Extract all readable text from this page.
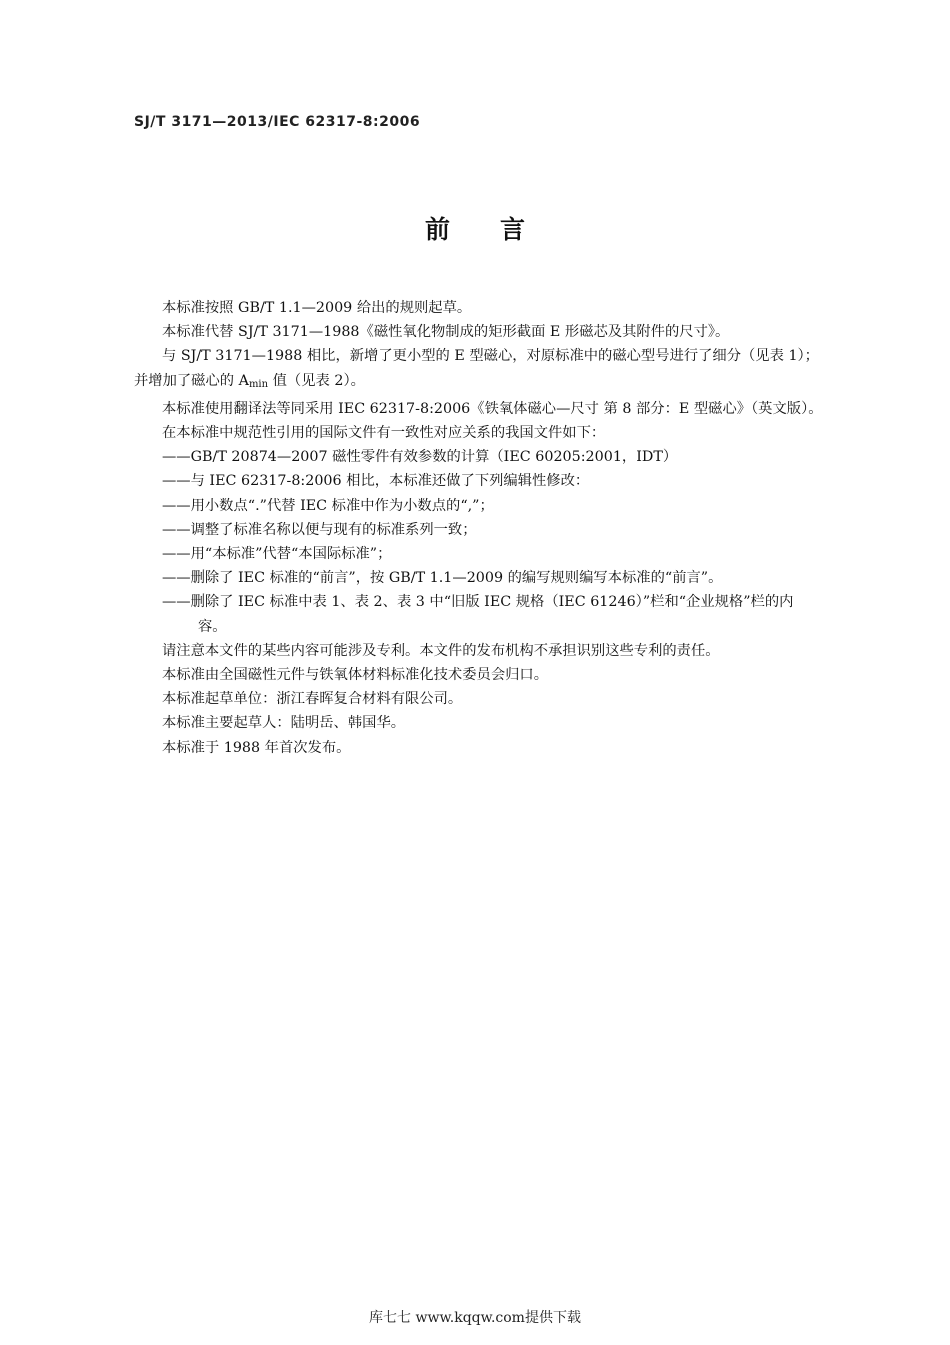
SJ/T 3171—2013/IEC 62317-8:2006
前言
本标准按照 GB/T 1.1—2009 给出的规则起草。
本标准代替 SJ/T 3171—1988《磁性氧化物制成的矩形截面 E 形磁芯及其附件的尺寸》。
与 SJ/T 3171—1988 相比，新增了更小型的 E 型磁心，对原标准中的磁心型号进行了细分（见表 1）；
并增加了磁心的 $A_{min}$ 值（见表 2）。
本标准使用翻译法等同采用 IEC 62317-8:2006《铁氧体磁心—尺寸 第 8 部分：E 型磁心》（英文版）。
在本标准中规范性引用的国际文件有一致性对应关系的我国文件如下：
——GB/T 20874—2007 磁性零件有效参数的计算（IEC 60205:2001，IDT）
——与 IEC 62317-8:2006 相比，本标准还做了下列编辑性修改：
——用小数点“.”代替 IEC 标准中作为小数点的“,”；
——调整了标准名称以便与现有的标准系列一致；
——用“本标准”代替“本国际标准”；
——删除了 IEC 标准的“前言”，按 GB/T 1.1—2009 的编写规则编写本标准的“前言”。
——删除了 IEC 标准中表 1、表 2、表 3 中“旧版 IEC 规格（IEC 61246）”栏和“企业规格”栏的内
容。
请注意本文件的某些内容可能涉及专利。本文件的发布机构不承担识别这些专利的责任。
本标准由全国磁性元件与铁氧体材料标准化技术委员会归口。
本标准起草单位：浙江春晖复合材料有限公司。
本标准主要起草人：陆明岳、韩国华。
本标准于 1988 年首次发布。
库七七 www.kqqw.com提供下载
